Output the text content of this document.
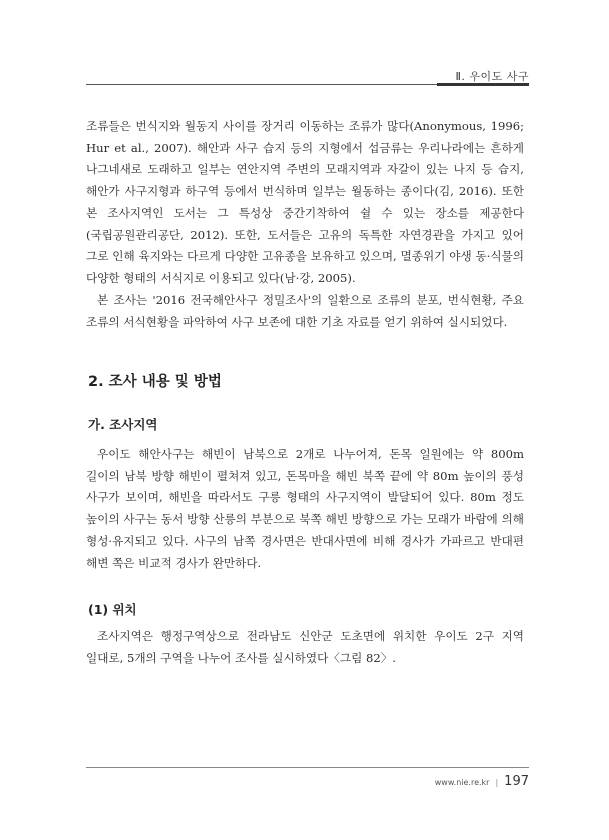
Ⅱ. 우이도 사구

조류들은 번식지와 월동지 사이를 장거리 이동하는 조류가 많다(Anonymous, 1996; Hur et al., 2007). 해안과 사구 습지 등의 지형에서 섭금류는 우리나라에는 흔하게 나그네새로 도래하고 일부는 연안지역 주변의 모래지역과 자갈이 있는 나지 등 습지, 해안가 사구지형과 하구역 등에서 번식하며 일부는 월동하는 종이다(김, 2016). 또한 본 조사지역인 도서는 그 특성상 중간기착하여 쉴 수 있는 장소를 제공한다(국립공원관리공단, 2012). 또한, 도서들은 고유의 독특한 자연경관을 가지고 있어 그로 인해 육지와는 다르게 다양한 고유종을 보유하고 있으며, 멸종위기 야생 동·식물의 다양한 형태의 서식지로 이용되고 있다(남·강, 2005).

본 조사는 '2016 전국해안사구 정밀조사'의 일환으로 조류의 분포, 번식현황, 주요 조류의 서식현황을 파악하여 사구 보존에 대한 기초 자료를 얻기 위하여 실시되었다.

2. 조사 내용 및 방법
가. 조사지역

우이도 해안사구는 해빈이 남북으로 2개로 나누어져, 돈목 일원에는 약 800m 길이의 남북 방향 해빈이 펼쳐져 있고, 돈목마을 해빈 북쪽 끝에 약 80m 높이의 풍성 사구가 보이며, 해빈을 따라서도 구릉 형태의 사구지역이 발달되어 있다. 80m 정도 높이의 사구는 동서 방향 산릉의 부분으로 북쪽 해빈 방향으로 가는 모래가 바람에 의해 형성·유지되고 있다. 사구의 남쪽 경사면은 반대사면에 비해 경사가 가파르고 반대편 해변 쪽은 비교적 경사가 완만하다.

(1) 위치

조사지역은 행정구역상으로 전라남도 신안군 도초면에 위치한 우이도 2구 지역 일대로, 5개의 구역을 나누어 조사를 실시하였다〈그림 82〉.

www.nie.re.kr | 197
